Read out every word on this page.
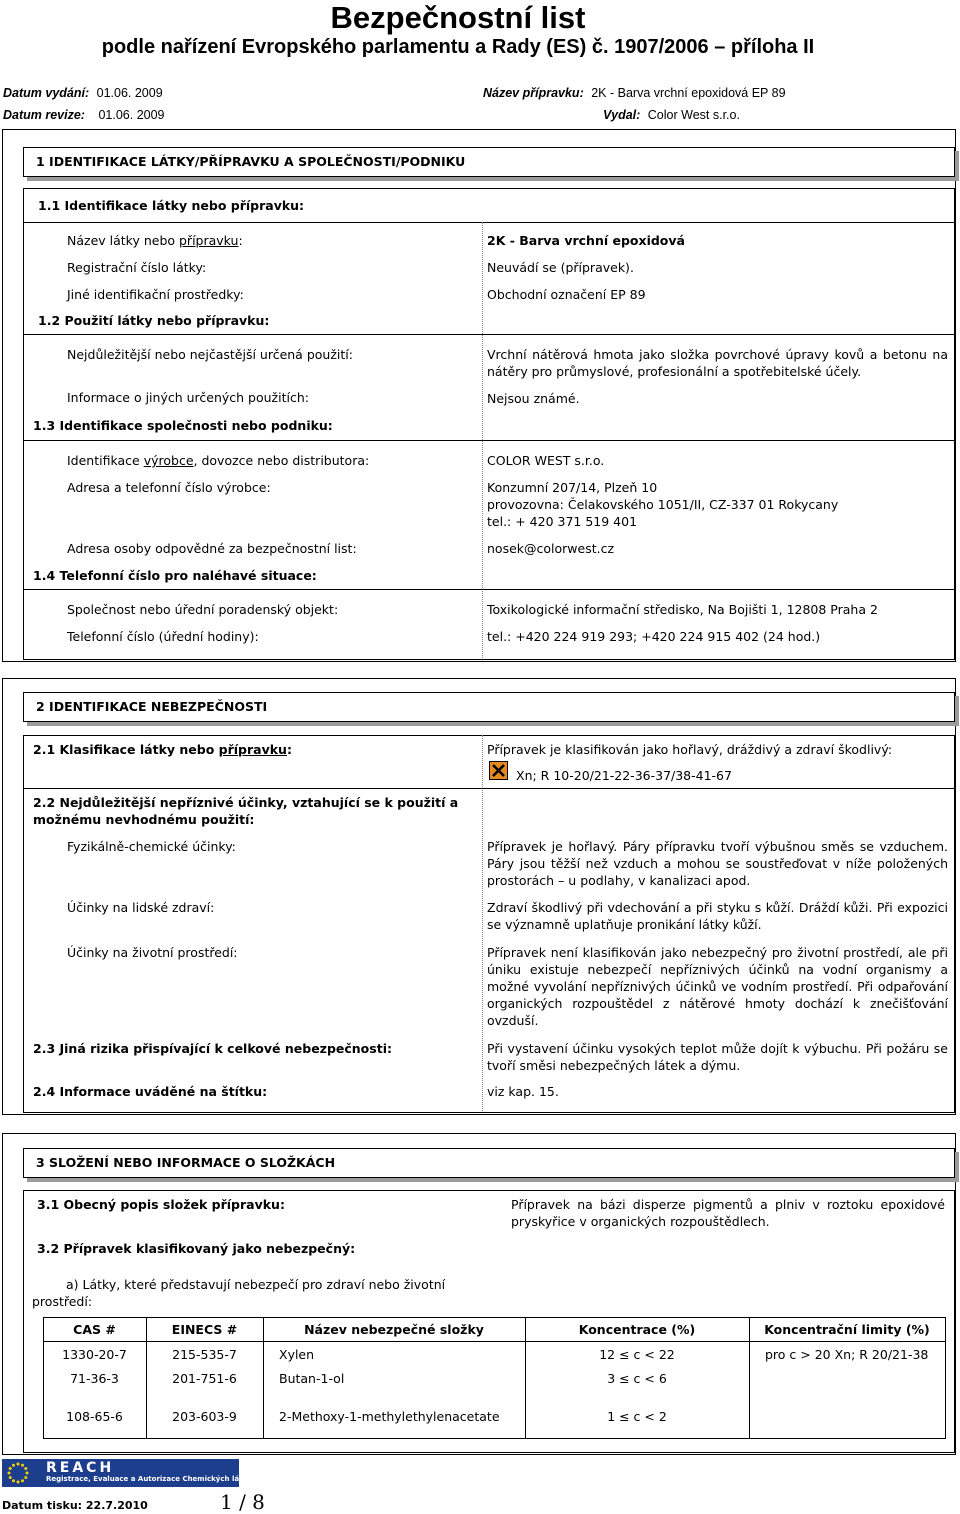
Bezpečnostní list
podle nařízení Evropského parlamentu a Rady (ES) č. 1907/2006 – příloha II
Datum vydání: 01.06. 2009
Datum revize: 01.06. 2009
Název přípravku: 2K - Barva vrchní epoxidová EP 89
Vydal: Color West s.r.o.
1 IDENTIFIKACE LÁTKY/PŘÍPRAVKU A SPOLEČNOSTI/PODNIKU
1.1 Identifikace látky nebo přípravku:
Název látky nebo přípravku:	2K - Barva vrchní epoxidová
Registrační číslo látky:	Neuvádí se (přípravek).
Jiné identifikační prostředky:	Obchodní označení EP 89
1.2 Použití látky nebo přípravku:
Nejdůležitější nebo nejčastější určená použití:	Vrchní nátěrová hmota jako složka povrchové úpravy kovů a betonu na nátěry pro průmyslové, profesionální a spotřebitelské účely.
Informace o jiných určených použitích:	Nejsou známé.
1.3 Identifikace společnosti nebo podniku:
Identifikace výrobce, dovozce nebo distributora:	COLOR WEST s.r.o.
Adresa a telefonní číslo výrobce:	Konzumní 207/14, Plzeň 10
provozovna: Čelakovského 1051/II, CZ-337 01 Rokycany
tel.: + 420 371 519 401
Adresa osoby odpovědné za bezpečnostní list:	nosek@colorwest.cz
1.4 Telefonní číslo pro naléhavé situace:
Společnost nebo úřední poradenský objekt:	Toxikologické informační středisko, Na Bojišti 1, 12808 Praha 2
Telefonní číslo (úřední hodiny):	tel.: +420 224 919 293; +420 224 915 402 (24 hod.)
2 IDENTIFIKACE NEBEZPEČNOSTI
2.1 Klasifikace látky nebo přípravku:	Přípravek je klasifikován jako hořlavý, dráždivý a zdraví škodlivý:
Xn; R 10-20/21-22-36-37/38-41-67
2.2 Nejdůležitější nepříznivé účinky, vztahující se k použití a možnému nevhodnému použití:
Fyzikálně-chemické účinky:	Přípravek je hořlavý. Páry přípravku tvoří výbušnou směs se vzduchem. Páry jsou těžší než vzduch a mohou se soustřeďovat v níže položených prostorách – u podlahy, v kanalizaci apod.
Účinky na lidské zdraví:	Zdraví škodlivý při vdechování a při styku s kůží. Dráždí kůži. Při expozici se významně uplatňuje pronikání látky kůží.
Účinky na životní prostředí:	Přípravek není klasifikován jako nebezpečný pro životní prostředí, ale při úniku existuje nebezpečí nepříznivých účinků na vodní organismy a možné vyvolání nepříznivých účinků ve vodním prostředí. Při odpařování organických rozpouštědel z nátěrové hmoty dochází k znečišťování ovzduší.
2.3 Jiná rizika přispívající k celkové nebezpečnosti:	Při vystavení účinku vysokých teplot může dojít k výbuchu. Při požáru se tvoří směsi nebezpečných látek a dýmu.
2.4 Informace uváděné na štítku:	viz kap. 15.
3 SLOŽENÍ NEBO INFORMACE O SLOŽKÁCH
3.1 Obecný popis složek přípravku:	Přípravek na bázi disperze pigmentů a plniv v roztoku epoxidové pryskyřice v organických rozpouštědlech.
3.2 Přípravek klasifikovaný jako nebezpečný:
a) Látky, které představují nebezpečí pro zdraví nebo životní prostředí:
CAS #	EINECS #	Název nebezpečné složky	Koncentrace (%)	Koncentrační limity (%)
1330-20-7	215-535-7	Xylen	12 ≤ c < 22	pro c > 20 Xn; R 20/21-38
71-36-3	201-751-6	Butan-1-ol	3 ≤ c < 6
108-65-6	203-603-9	2-Methoxy-1-methylethylenacetate	1 ≤ c < 2
REACH
Registrace, Evaluace a Autorizace Chemických látek
Datum tisku: 22.7.2010	1 / 8
